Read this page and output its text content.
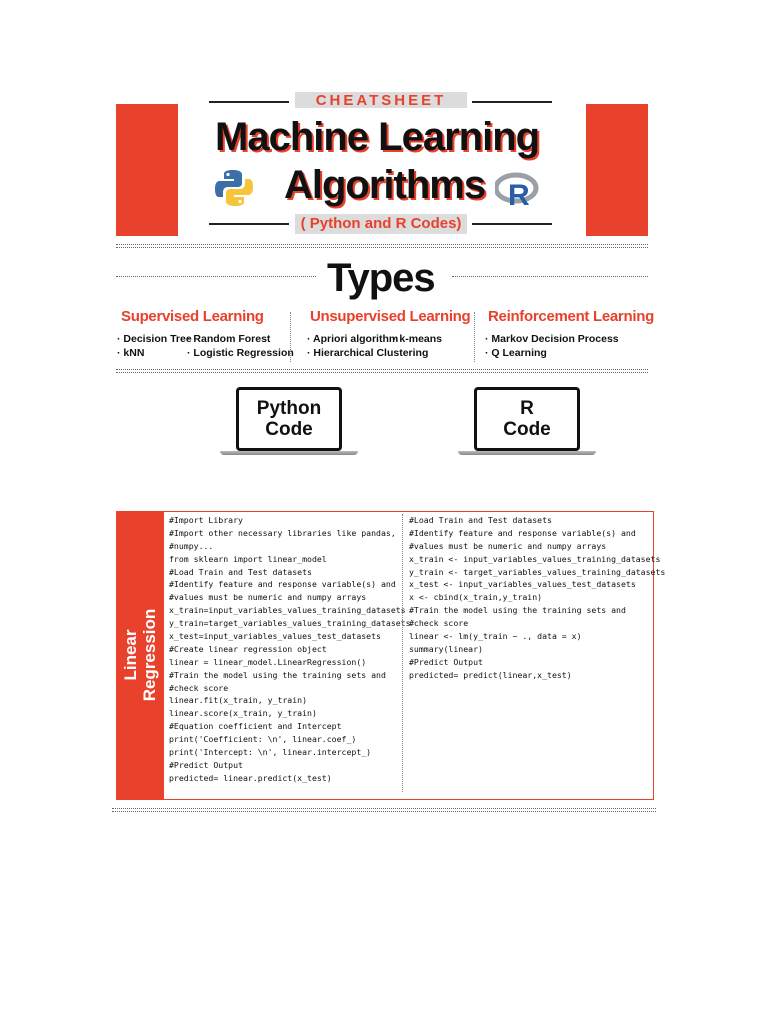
CHEATSHEET
Machine Learning
Algorithms R
( Python and R Codes)
Types
Supervised Learning
· Decision Tree
· Random Forest
· kNN	· Logistic Regression
Unsupervised Learning
· Apriori algorithm
· k-means
· Hierarchical Clustering
Reinforcement Learning
· Markov Decision Process
· Q Learning
Python
Code
R
Code
Linear Regression
#Import Library
#Import other necessary libraries like pandas,
#numpy...
from sklearn import linear_model
#Load Train and Test datasets
#Identify feature and response variable(s) and
#values must be numeric and numpy arrays
x_train=input_variables_values_training_datasets
y_train=target_variables_values_training_datasets
x_test=input_variables_values_test_datasets
#Create linear regression object
linear = linear_model.LinearRegression()
#Train the model using the training sets and
#check score
linear.fit(x_train, y_train)
linear.score(x_train, y_train)
#Equation coefficient and Intercept
print('Coefficient: \n', linear.coef_)
print('Intercept: \n', linear.intercept_)
#Predict Output
predicted= linear.predict(x_test)
#Load Train and Test datasets
#Identify feature and response variable(s) and
#values must be numeric and numpy arrays
x_train <- input_variables_values_training_datasets
y_train <- target_variables_values_training_datasets
x_test <- input_variables_values_test_datasets
x <- cbind(x_train,y_train)
#Train the model using the training sets and
#check score
linear <- lm(y_train ~ ., data = x)
summary(linear)
#Predict Output
predicted= predict(linear,x_test)
